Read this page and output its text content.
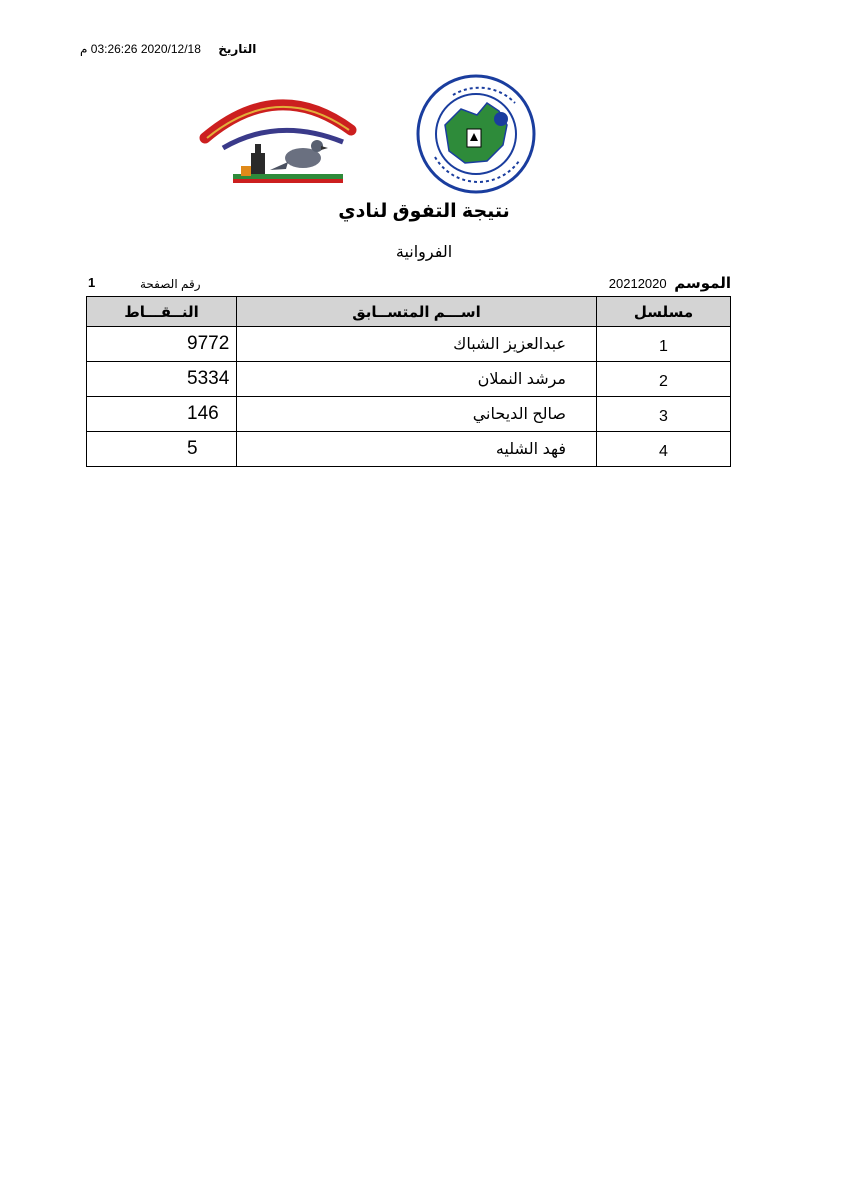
التاريخ 2020/12/18 03:26:26 م
نتيجة التفوق لنادي
الفروانية
الموسم 20212020
رقم الصفحة
1
مسلسل	اســـم المتســابق	النــقـــاط
1	عبدالعزيز الشباك	9772
2	مرشد النملان	5334
3	صالح الديحاني	146
4	فهد الشليه	5
